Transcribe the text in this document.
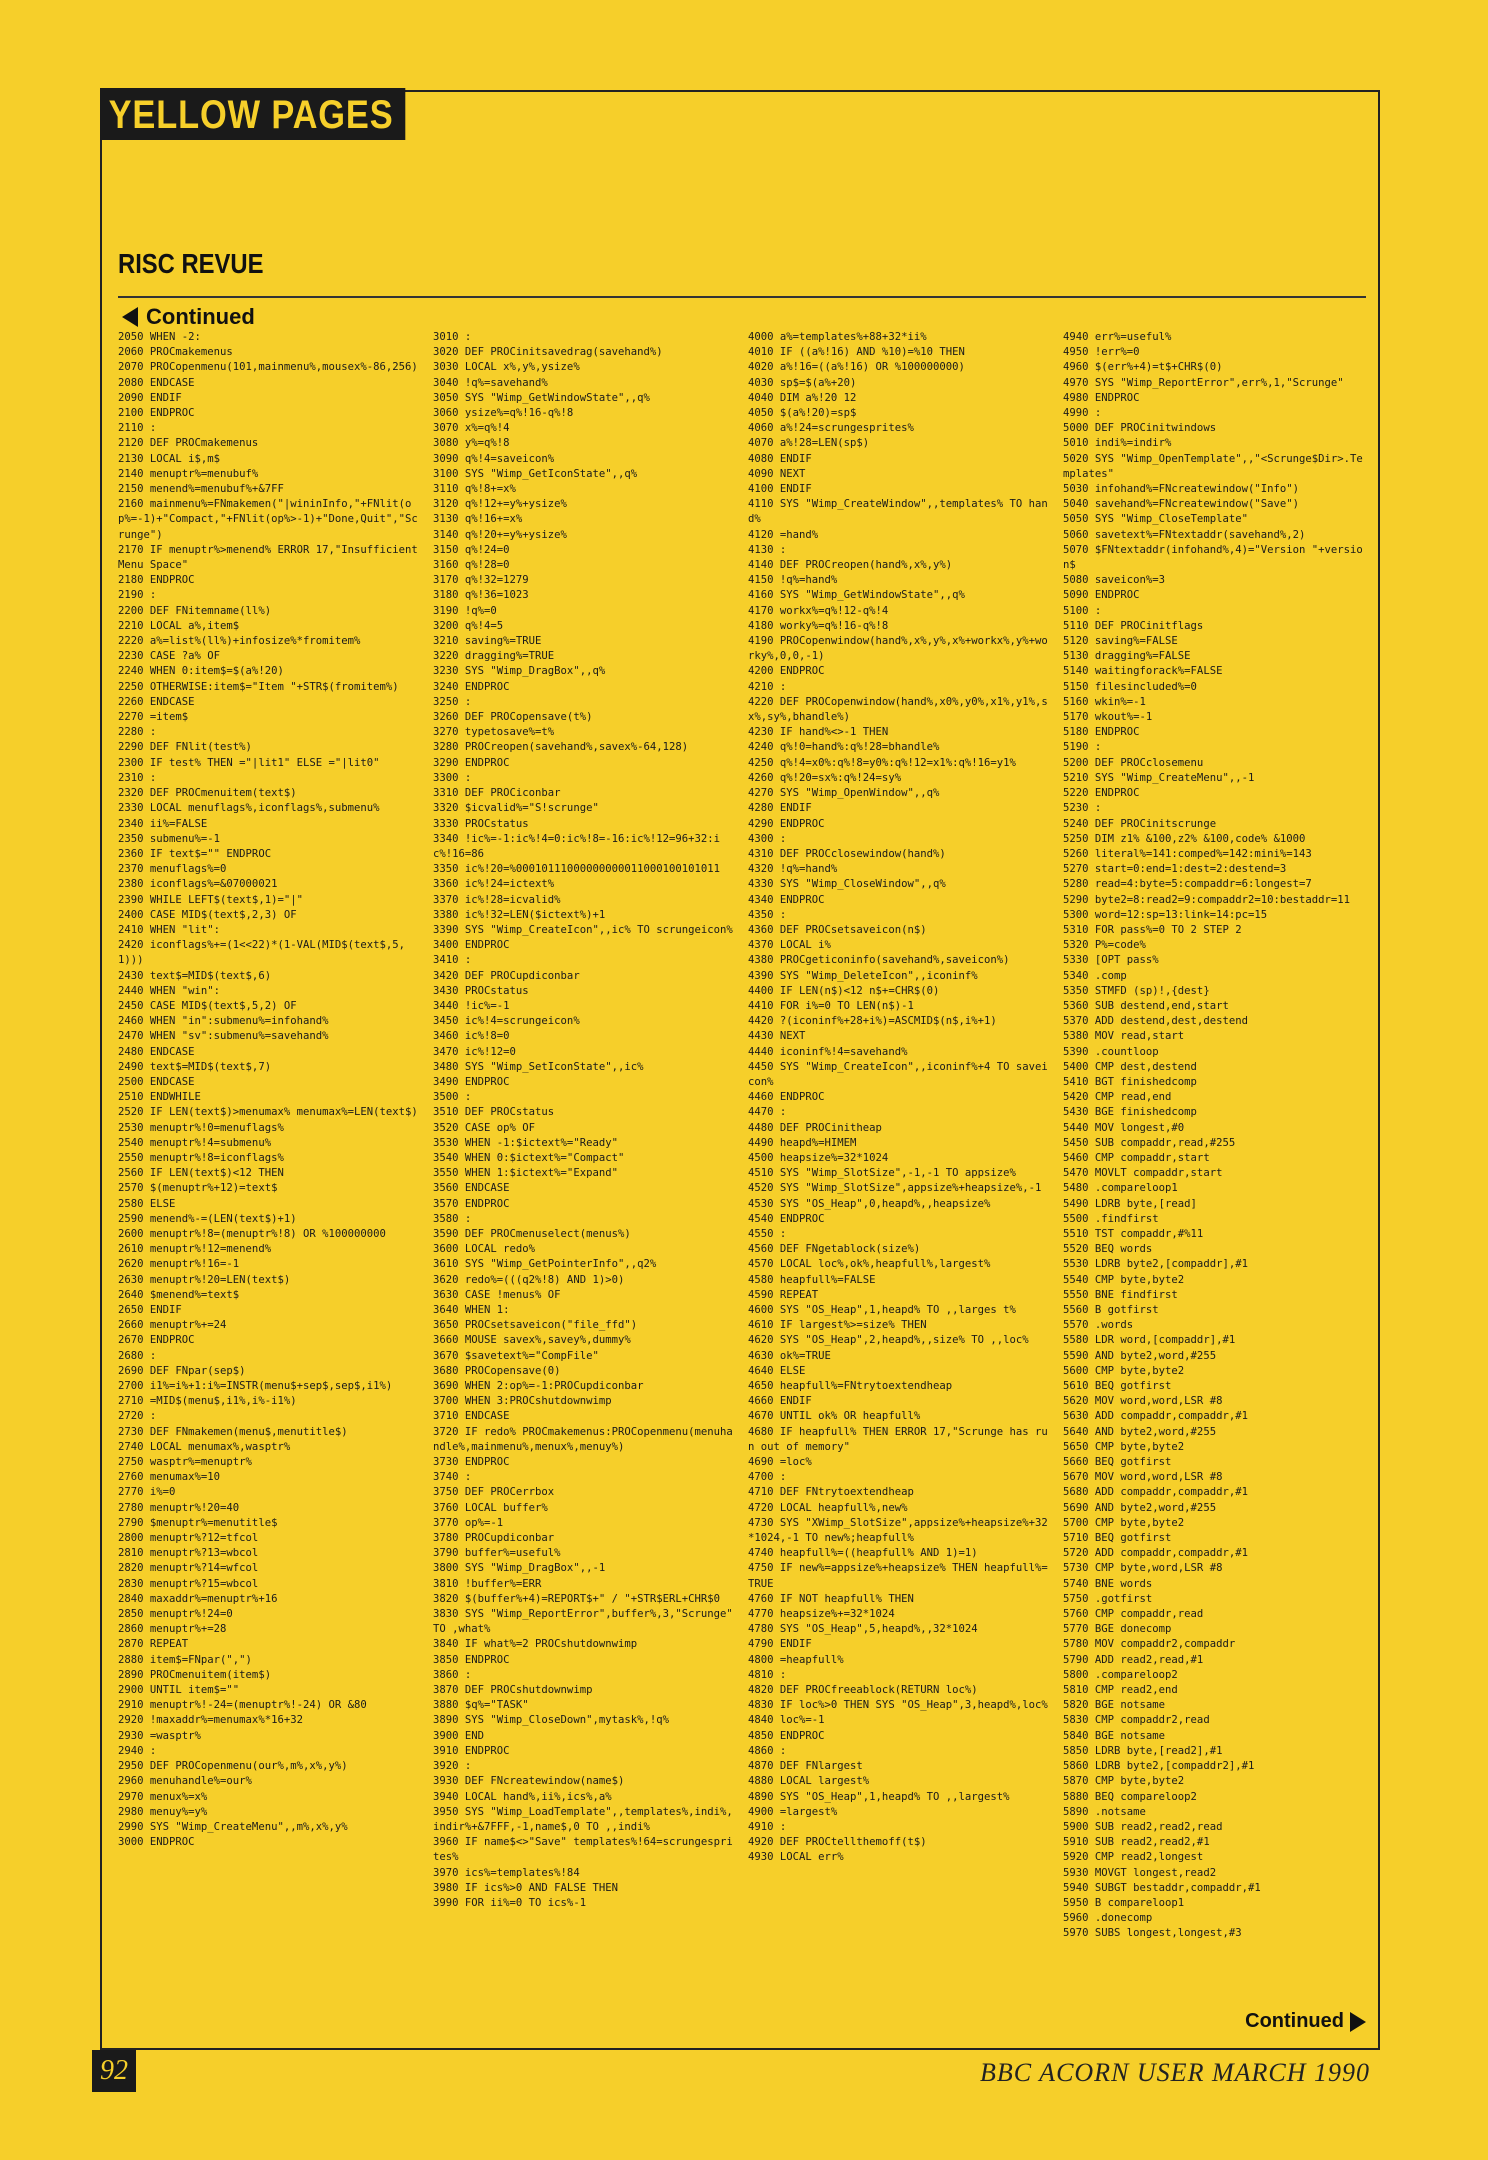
YELLOW PAGES
RISC REVUE
Continued
2050 WHEN -2:
2060 PROCmakemenus
2070 PROCopenmenu(101,mainmenu%,mousex%-86,256)
2080 ENDCASE
2090 ENDIF
2100 ENDPROC
2110 :
2120 DEF PROCmakemenus
2130 LOCAL i$,m$
2140 menuptr%=menubuf%
2150 menend%=menubuf%+&7FF
2160 mainmenu%=FNmakemen("|wininInfo,"+FNlit(op%=-1)+"Compact,"+FNlit(op%>-1)+"Done,Quit","Scrunge")
2170 IF menuptr%>menend% ERROR 17,"Insufficient Menu Space"
2180 ENDPROC
2190 :
2200 DEF FNitemname(ll%)
2210 LOCAL a%,item$
2220 a%=list%(ll%)+infosize%*fromitem%
2230 CASE ?a% OF
2240 WHEN 0:item$=$(a%!20)
2250 OTHERWISE:item$="Item "+STR$(fromitem%)
2260 ENDCASE
2270 =item$
2280 :
2290 DEF FNlit(test%)
2300 IF test% THEN ="|lit1" ELSE ="|lit0"
2310 :
2320 DEF PROCmenuitem(text$)
2330 LOCAL menuflags%,iconflags%,submenu%
2340 ii%=FALSE
2350 submenu%=-1
2360 IF text$="" ENDPROC
2370 menuflags%=0
2380 iconflags%=&07000021
2390 WHILE LEFT$(text$,1)="|"
2400 CASE MID$(text$,2,3) OF
2410 WHEN "lit":
2420 iconflags%+=(1<<22)*(1-VAL(MID$(text$,5,1)))
2430 text$=MID$(text$,6)
2440 WHEN "win":
2450 CASE MID$(text$,5,2) OF
2460 WHEN "in":submenu%=infohand%
2470 WHEN "sv":submenu%=savehand%
2480 ENDCASE
2490 text$=MID$(text$,7)
2500 ENDCASE
2510 ENDWHILE
2520 IF LEN(text$)>menumax% menumax%=LEN(text$)
2530 menuptr%!0=menuflags%
2540 menuptr%!4=submenu%
2550 menuptr%!8=iconflags%
2560 IF LEN(text$)<12 THEN
2570 $(menuptr%+12)=text$
2580 ELSE
2590 menend%-=(LEN(text$)+1)
2600 menuptr%!8=(menuptr%!8) OR %100000000
2610 menuptr%!12=menend%
2620 menuptr%!16=-1
2630 menuptr%!20=LEN(text$)
2640 $menend%=text$
2650 ENDIF
2660 menuptr%+=24
2670 ENDPROC
2680 :
2690 DEF FNpar(sep$)
2700 i1%=i%+1:i%=INSTR(menu$+sep$,sep$,i1%)
2710 =MID$(menu$,i1%,i%-i1%)
2720 :
2730 DEF FNmakemen(menu$,menutitle$)
2740 LOCAL menumax%,wasptr%
2750 wasptr%=menuptr%
2760 menumax%=10
2770 i%=0
2780 menuptr%!20=40
2790 $menuptr%=menutitle$
2800 menuptr%?12=tfcol
2810 menuptr%?13=wbcol
2820 menuptr%?14=wfcol
2830 menuptr%?15=wbcol
2840 maxaddr%=menuptr%+16
2850 menuptr%!24=0
2860 menuptr%+=28
2870 REPEAT
2880 item$=FNpar(",")
2890 PROCmenuitem(item$)
2900 UNTIL item$=""
2910 menuptr%!-24=(menuptr%!-24) OR &80
2920 !maxaddr%=menumax%*16+32
2930 =wasptr%
2940 :
2950 DEF PROCopenmenu(our%,m%,x%,y%)
2960 menuhandle%=our%
2970 menux%=x%
2980 menuy%=y%
2990 SYS "Wimp_CreateMenu",,m%,x%,y%
3000 ENDPROC
3010 :
3020 DEF PROCinitsavedrag(savehand%)
3030 LOCAL x%,y%,ysize%
3040 !q%=savehand%
3050 SYS "Wimp_GetWindowState",,q%
3060 ysize%=q%!16-q%!8
3070 x%=q%!4
3080 y%=q%!8
3090 q%!4=saveicon%
3100 SYS "Wimp_GetIconState",,q%
3110 q%!8+=x%
3120 q%!12+=y%+ysize%
3130 q%!16+=x%
3140 q%!20+=y%+ysize%
3150 q%!24=0
3160 q%!28=0
3170 q%!32=1279
3180 q%!36=1023
3190 !q%=0
3200 q%!4=5
3210 saving%=TRUE
3220 dragging%=TRUE
3230 SYS "Wimp_DragBox",,q%
3240 ENDPROC
3250 :
3260 DEF PROCopensave(t%)
3270 typetosave%=t%
3280 PROCreopen(savehand%,savex%-64,128)
3290 ENDPROC
3300 :
3310 DEF PROCiconbar
3320 $icvalid%="S!scrunge"
3330 PROCstatus
3340 !ic%=-1:ic%!4=0:ic%!8=-16:ic%!12=96+32:ic%!16=86
3350 ic%!20=%00010111000000000011000100101011
3360 ic%!24=ictext%
3370 ic%!28=icvalid%
3380 ic%!32=LEN($ictext%)+1
3390 SYS "Wimp_CreateIcon",,ic% TO scrungeicon%
3400 ENDPROC
3410 :
3420 DEF PROCupdiconbar
3430 PROCstatus
3440 !ic%=-1
3450 ic%!4=scrungeicon%
3460 ic%!8=0
3470 ic%!12=0
3480 SYS "Wimp_SetIconState",,ic%
3490 ENDPROC
3500 :
3510 DEF PROCstatus
3520 CASE op% OF
3530 WHEN -1:$ictext%="Ready"
3540 WHEN 0:$ictext%="Compact"
3550 WHEN 1:$ictext%="Expand"
3560 ENDCASE
3570 ENDPROC
3580 :
3590 DEF PROCmenuselect(menus%)
3600 LOCAL redo%
3610 SYS "Wimp_GetPointerInfo",,q2%
3620 redo%=(((q2%!8) AND 1)>0)
3630 CASE !menus% OF
3640 WHEN 1:
3650 PROCsetsaveicon("file_ffd")
3660 MOUSE savex%,savey%,dummy%
3670 $savetext%="CompFile"
3680 PROCopensave(0)
3690 WHEN 2:op%=-1:PROCupdiconbar
3700 WHEN 3:PROCshutdownwimp
3710 ENDCASE
3720 IF redo% PROCmakemenus:PROCopenmenu(menuhandle%,mainmenu%,menux%,menuy%)
3730 ENDPROC
3740 :
3750 DEF PROCerrbox
3760 LOCAL buffer%
3770 op%=-1
3780 PROCupdiconbar
3790 buffer%=useful%
3800 SYS "Wimp_DragBox",,-1
3810 !buffer%=ERR
3820 $(buffer%+4)=REPORT$+" / "+STR$ERL+CHR$0
3830 SYS "Wimp_ReportError",buffer%,3,"Scrunge" TO ,what%
3840 IF what%=2 PROCshutdownwimp
3850 ENDPROC
3860 :
3870 DEF PROCshutdownwimp
3880 $q%="TASK"
3890 SYS "Wimp_CloseDown",mytask%,!q%
3900 END
3910 ENDPROC
3920 :
3930 DEF FNcreatewindow(name$)
3940 LOCAL hand%,ii%,ics%,a%
3950 SYS "Wimp_LoadTemplate",,templates%,indi%,indir%+&7FFF,-1,name$,0 TO ,,indi%
3960 IF name$<>"Save" templates%!64=scrungesprites%
3970 ics%=templates%!84
3980 IF ics%>0 AND FALSE THEN
3990 FOR ii%=0 TO ics%-1
4000 a%=templates%+88+32*ii%
4010 IF ((a%!16) AND %10)=%10 THEN
4020 a%!16=((a%!16) OR %100000000)
4030 sp$=$(a%+20)
4040 DIM a%!20 12
4050 $(a%!20)=sp$
4060 a%!24=scrungesprites%
4070 a%!28=LEN(sp$)
4080 ENDIF
4090 NEXT
4100 ENDIF
4110 SYS "Wimp_CreateWindow",,templates% TO hand%
4120 =hand%
4130 :
4140 DEF PROCreopen(hand%,x%,y%)
4150 !q%=hand%
4160 SYS "Wimp_GetWindowState",,q%
4170 workx%=q%!12-q%!4
4180 worky%=q%!16-q%!8
4190 PROCopenwindow(hand%,x%,y%,x%+workx%,y%+worky%,0,0,-1)
4200 ENDPROC
4210 :
4220 DEF PROCopenwindow(hand%,x0%,y0%,x1%,y1%,sx%,sy%,bhandle%)
4230 IF hand%<>-1 THEN
4240 q%!0=hand%:q%!28=bhandle%
4250 q%!4=x0%:q%!8=y0%:q%!12=x1%:q%!16=y1%
4260 q%!20=sx%:q%!24=sy%
4270 SYS "Wimp_OpenWindow",,q%
4280 ENDIF
4290 ENDPROC
4300 :
4310 DEF PROCclosewindow(hand%)
4320 !q%=hand%
4330 SYS "Wimp_CloseWindow",,q%
4340 ENDPROC
4350 :
4360 DEF PROCsetsaveicon(n$)
4370 LOCAL i%
4380 PROCgeticoninfo(savehand%,saveicon%)
4390 SYS "Wimp_DeleteIcon",,iconinf%
4400 IF LEN(n$)<12 n$+=CHR$(0)
4410 FOR i%=0 TO LEN(n$)-1
4420 ?(iconinf%+28+i%)=ASCMID$(n$,i%+1)
4430 NEXT
4440 iconinf%!4=savehand%
4450 SYS "Wimp_CreateIcon",,iconinf%+4 TO saveicon%
4460 ENDPROC
4470 :
4480 DEF PROCinitheap
4490 heapd%=HIMEM
4500 heapsize%=32*1024
4510 SYS "Wimp_SlotSize",-1,-1 TO appsize%
4520 SYS "Wimp_SlotSize",appsize%+heapsize%,-1
4530 SYS "OS_Heap",0,heapd%,,heapsize%
4540 ENDPROC
4550 :
4560 DEF FNgetablock(size%)
4570 LOCAL loc%,ok%,heapfull%,largest%
4580 heapfull%=FALSE
4590 REPEAT
4600 SYS "OS_Heap",1,heapd% TO ,,larges t%
4610 IF largest%>=size% THEN
4620 SYS "OS_Heap",2,heapd%,,size% TO ,,loc%
4630 ok%=TRUE
4640 ELSE
4650 heapfull%=FNtrytoextendheap
4660 ENDIF
4670 UNTIL ok% OR heapfull%
4680 IF heapfull% THEN ERROR 17,"Scrunge has run out of memory"
4690 =loc%
4700 :
4710 DEF FNtrytoextendheap
4720 LOCAL heapfull%,new%
4730 SYS "XWimp_SlotSize",appsize%+heapsize%+32*1024,-1 TO new%;heapfull%
4740 heapfull%=((heapfull% AND 1)=1)
4750 IF new%=appsize%+heapsize% THEN heapfull%=TRUE
4760 IF NOT heapfull% THEN
4770 heapsize%+=32*1024
4780 SYS "OS_Heap",5,heapd%,,32*1024
4790 ENDIF
4800 =heapfull%
4810 :
4820 DEF PROCfreeablock(RETURN loc%)
4830 IF loc%>0 THEN SYS "OS_Heap",3,heapd%,loc%
4840 loc%=-1
4850 ENDPROC
4860 :
4870 DEF FNlargest
4880 LOCAL largest%
4890 SYS "OS_Heap",1,heapd% TO ,,largest%
4900 =largest%
4910 :
4920 DEF PROCtellthemoff(t$)
4930 LOCAL err%
4940 err%=useful%
4950 !err%=0
4960 $(err%+4)=t$+CHR$(0)
4970 SYS "Wimp_ReportError",err%,1,"Scrunge"
4980 ENDPROC
4990 :
5000 DEF PROCinitwindows
5010 indi%=indir%
5020 SYS "Wimp_OpenTemplate",,"<Scrunge$Dir>.Templates"
5030 infohand%=FNcreatewindow("Info")
5040 savehand%=FNcreatewindow("Save")
5050 SYS "Wimp_CloseTemplate"
5060 savetext%=FNtextaddr(savehand%,2)
5070 $FNtextaddr(infohand%,4)="Version "+version$
5080 saveicon%=3
5090 ENDPROC
5100 :
5110 DEF PROCinitflags
5120 saving%=FALSE
5130 dragging%=FALSE
5140 waitingforack%=FALSE
5150 filesincluded%=0
5160 wkin%=-1
5170 wkout%=-1
5180 ENDPROC
5190 :
5200 DEF PROCclosemenu
5210 SYS "Wimp_CreateMenu",,-1
5220 ENDPROC
5230 :
5240 DEF PROCinitscrunge
5250 DIM z1% &100,z2% &100,code% &1000
5260 literal%=141:comped%=142:mini%=143
5270 start=0:end=1:dest=2:destend=3
5280 read=4:byte=5:compaddr=6:longest=7
5290 byte2=8:read2=9:compaddr2=10:bestaddr=11
5300 word=12:sp=13:link=14:pc=15
5310 FOR pass%=0 TO 2 STEP 2
5320 P%=code%
5330 [OPT pass%
5340 .comp
5350 STMFD (sp)!,{dest}
5360 SUB destend,end,start
5370 ADD destend,dest,destend
5380 MOV read,start
5390 .countloop
5400 CMP dest,destend
5410 BGT finishedcomp
5420 CMP read,end
5430 BGE finishedcomp
5440 MOV longest,#0
5450 SUB compaddr,read,#255
5460 CMP compaddr,start
5470 MOVLT compaddr,start
5480 .compareloop1
5490 LDRB byte,[read]
5500 .findfirst
5510 TST compaddr,#%11
5520 BEQ words
5530 LDRB byte2,[compaddr],#1
5540 CMP byte,byte2
5550 BNE findfirst
5560 B gotfirst
5570 .words
5580 LDR word,[compaddr],#1
5590 AND byte2,word,#255
5600 CMP byte,byte2
5610 BEQ gotfirst
5620 MOV word,word,LSR #8
5630 ADD compaddr,compaddr,#1
5640 AND byte2,word,#255
5650 CMP byte,byte2
5660 BEQ gotfirst
5670 MOV word,word,LSR #8
5680 ADD compaddr,compaddr,#1
5690 AND byte2,word,#255
5700 CMP byte,byte2
5710 BEQ gotfirst
5720 ADD compaddr,compaddr,#1
5730 CMP byte,word,LSR #8
5740 BNE words
5750 .gotfirst
5760 CMP compaddr,read
5770 BGE donecomp
5780 MOV compaddr2,compaddr
5790 ADD read2,read,#1
5800 .compareloop2
5810 CMP read2,end
5820 BGE notsame
5830 CMP compaddr2,read
5840 BGE notsame
5850 LDRB byte,[read2],#1
5860 LDRB byte2,[compaddr2],#1
5870 CMP byte,byte2
5880 BEQ compareloop2
5890 .notsame
5900 SUB read2,read2,read
5910 SUB read2,read2,#1
5920 CMP read2,longest
5930 MOVGT longest,read2
5940 SUBGT bestaddr,compaddr,#1
5950 B compareloop1
5960 .donecomp
5970 SUBS longest,longest,#3
Continued
92	BBC ACORN USER MARCH 1990
